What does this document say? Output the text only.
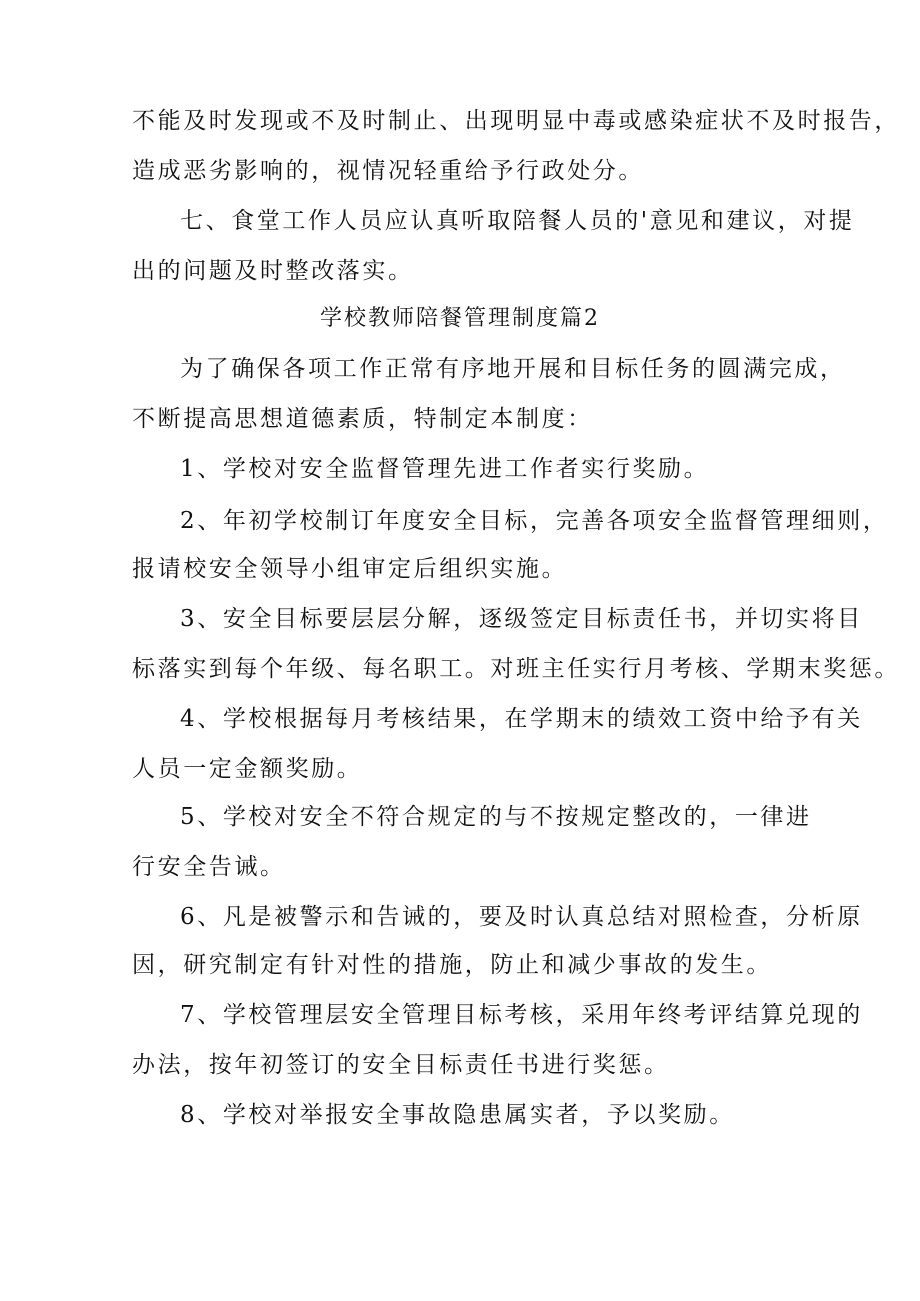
不能及时发现或不及时制止、出现明显中毒或感染症状不及时报告，
造成恶劣影响的，视情况轻重给予行政处分。
七、食堂工作人员应认真听取陪餐人员的'意见和建议，对提
出的问题及时整改落实。
学校教师陪餐管理制度篇2
为了确保各项工作正常有序地开展和目标任务的圆满完成，
不断提高思想道德素质，特制定本制度：
1、学校对安全监督管理先进工作者实行奖励。
2、年初学校制订年度安全目标，完善各项安全监督管理细则，
报请校安全领导小组审定后组织实施。
3、安全目标要层层分解，逐级签定目标责任书，并切实将目
标落实到每个年级、每名职工。对班主任实行月考核、学期末奖惩。
4、学校根据每月考核结果，在学期末的绩效工资中给予有关
人员一定金额奖励。
5、学校对安全不符合规定的与不按规定整改的，一律进
行安全告诫。
6、凡是被警示和告诫的，要及时认真总结对照检查，分析原
因，研究制定有针对性的措施，防止和减少事故的发生。
7、学校管理层安全管理目标考核，采用年终考评结算兑现的
办法，按年初签订的安全目标责任书进行奖惩。
8、学校对举报安全事故隐患属实者，予以奖励。
